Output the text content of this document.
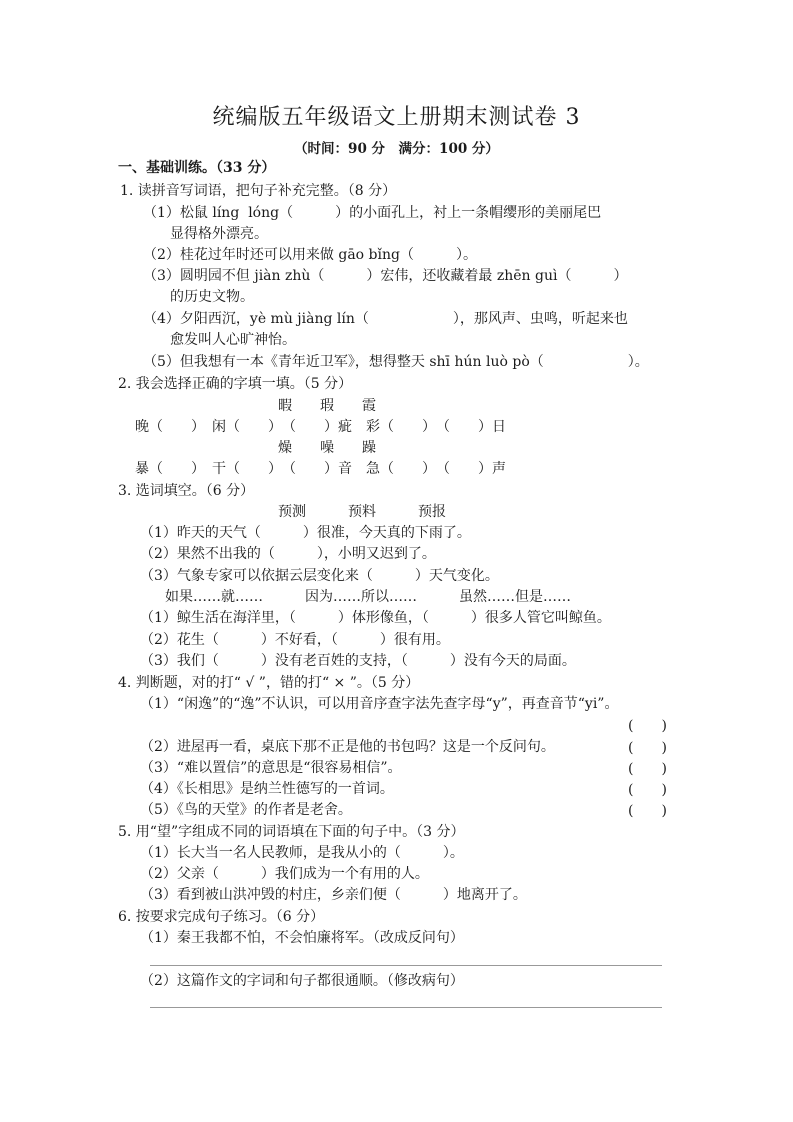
统编版五年级语文上册期末测试卷 3
（时间：90 分　满分：100 分）
一、基础训练。（33 分）
1. 读拼音写词语，把句子补充完整。（8 分）
（1）松鼠 líng  lóng（　　　）的小面孔上，衬上一条帽缨形的美丽尾巴
显得格外漂亮。
（2）桂花过年时还可以用来做 gāo bǐng（　　　）。
（3）圆明园不但 jiàn zhù（　　　）宏伟，还收藏着最 zhēn guì（　　　）
的历史文物。
（4）夕阳西沉，yè mù jiàng lín（　　　　　　），那风声、虫鸣，听起来也
愈发叫人心旷神怡。
（5）但我想有一本《青年近卫军》，想得整天 shī hún luò pò（　　　　　　）。
2. 我会选择正确的字填一填。（5 分）
暇　　瑕　　霞
晚（　　）　闲（　　）　（　　）疵　彩（　　）　（　　）日
燥　　噪　　躁
暴（　　）　干（　　）　（　　）音　急（　　）　（　　）声
3. 选词填空。（6 分）
预测　　　预料　　　预报
（1）昨天的天气（　　　）很准，今天真的下雨了。
（2）果然不出我的（　　　），小明又迟到了。
（3）气象专家可以依据云层变化来（　　　）天气变化。
如果……就……　　　因为……所以……　　　虽然……但是……
（1）鲸生活在海洋里，（　　　）体形像鱼，（　　　）很多人管它叫鲸鱼。
（2）花生（　　　）不好看，（　　　）很有用。
（3）我们（　　　）没有老百姓的支持，（　　　）没有今天的局面。
4. 判断题，对的打“ √ ”，错的打“ × ”。（5 分）
（1）“闲逸”的“逸”不认识，可以用音序查字法先查字母“y”，再查音节“yi”。
(　　)
（2）进屋再一看，桌底下那不正是他的书包吗？这是一个反问句。	(　　)
（3）“难以置信”的意思是“很容易相信”。	(　　)
（4）《长相思》是纳兰性德写的一首词。	(　　)
（5）《鸟的天堂》的作者是老舍。	(　　)
5. 用“望”字组成不同的词语填在下面的句子中。（3 分）
（1）长大当一名人民教师，是我从小的（　　　）。
（2）父亲（　　　）我们成为一个有用的人。
（3）看到被山洪冲毁的村庄，乡亲们便（　　　）地离开了。
6. 按要求完成句子练习。（6 分）
（1）秦王我都不怕，不会怕廉将军。（改成反问句）
（2）这篇作文的字词和句子都很通顺。（修改病句）
